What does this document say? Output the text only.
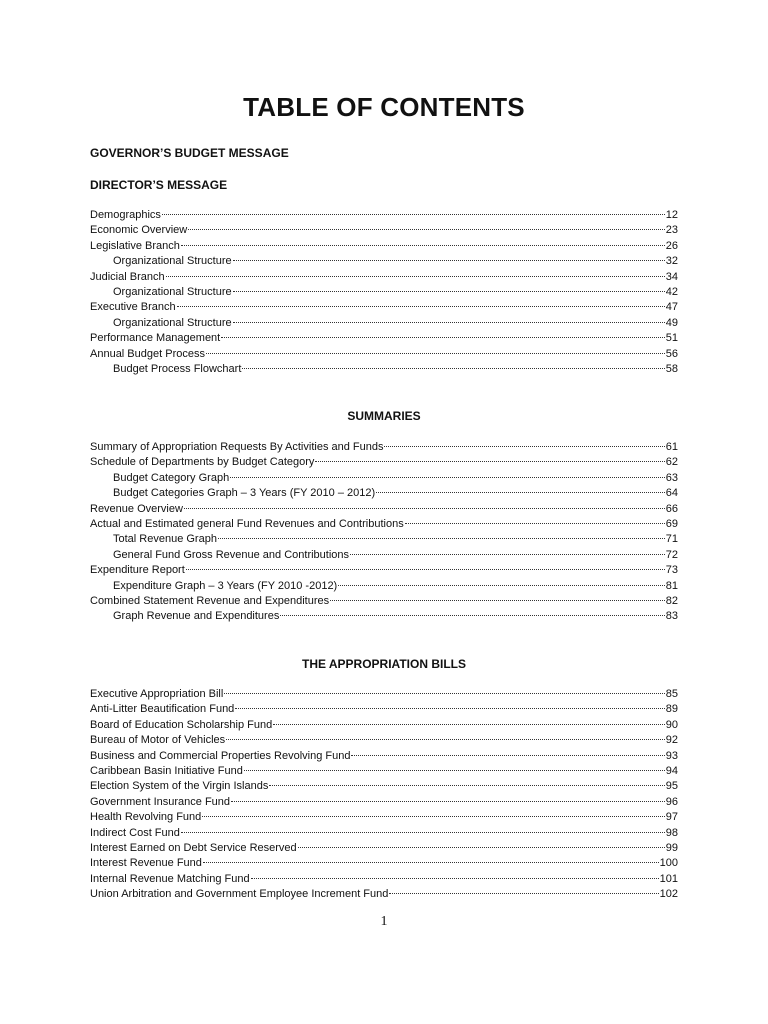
TABLE OF CONTENTS
GOVERNOR’S BUDGET MESSAGE
DIRECTOR’S MESSAGE
Demographics	12
Economic Overview	23
Legislative Branch	26
Organizational Structure	32
Judicial Branch	34
Organizational Structure	42
Executive Branch	47
Organizational Structure	49
Performance Management	51
Annual Budget Process	56
Budget Process Flowchart	58
SUMMARIES
Summary of Appropriation Requests By Activities and Funds	61
Schedule of Departments by Budget Category	62
Budget Category Graph	63
Budget Categories Graph – 3 Years (FY 2010 – 2012)	64
Revenue Overview	66
Actual and Estimated general Fund Revenues and Contributions	69
Total Revenue Graph	71
General Fund Gross Revenue and Contributions	72
Expenditure Report	73
Expenditure Graph – 3 Years (FY 2010 -2012)	81
Combined Statement Revenue and Expenditures	82
Graph Revenue and Expenditures	83
THE APPROPRIATION BILLS
Executive Appropriation Bill	85
Anti-Litter Beautification Fund	89
Board of Education Scholarship Fund	90
Bureau of Motor of Vehicles	92
Business and Commercial Properties Revolving Fund	93
Caribbean Basin Initiative Fund	94
Election System of the Virgin Islands	95
Government Insurance Fund	96
Health Revolving Fund	97
Indirect Cost Fund	98
Interest Earned on Debt Service Reserved	99
Interest Revenue Fund	100
Internal Revenue Matching Fund	101
Union Arbitration and Government Employee Increment Fund	102
1
